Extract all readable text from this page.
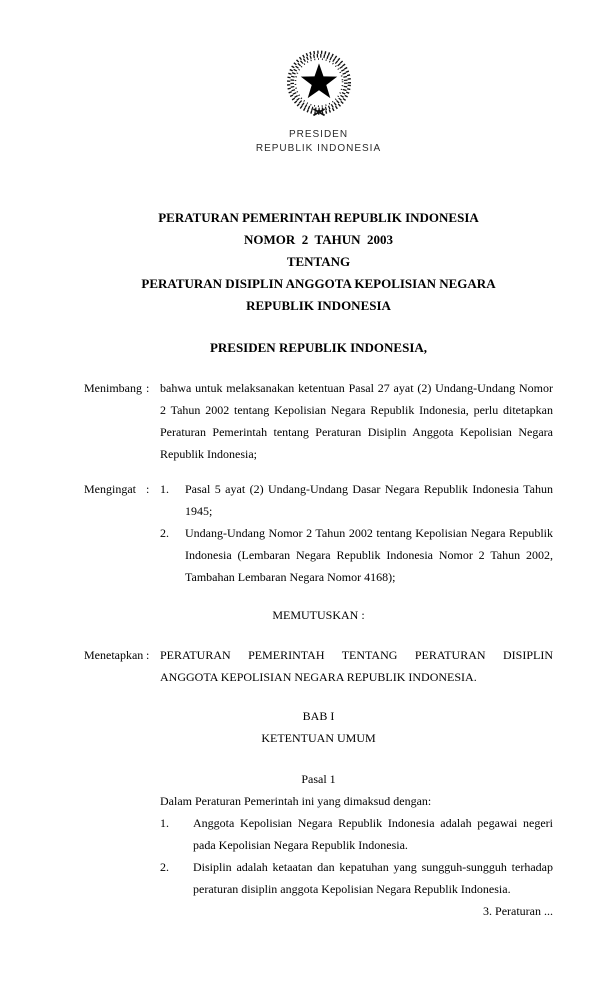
PRESIDEN
REPUBLIK INDONESIA
PERATURAN PEMERINTAH REPUBLIK INDONESIA
NOMOR  2  TAHUN  2003
TENTANG
PERATURAN DISIPLIN ANGGOTA KEPOLISIAN NEGARA
REPUBLIK INDONESIA
PRESIDEN REPUBLIK INDONESIA,
Menimbang : bahwa untuk melaksanakan ketentuan Pasal 27 ayat (2) Undang-Undang Nomor 2 Tahun 2002 tentang Kepolisian Negara Republik Indonesia, perlu ditetapkan Peraturan Pemerintah tentang Peraturan Disiplin Anggota Kepolisian Negara Republik Indonesia;
Mengingat : 1.	Pasal 5 ayat (2) Undang-Undang Dasar Negara Republik Indonesia Tahun 1945;
2.	Undang-Undang Nomor 2 Tahun 2002 tentang Kepolisian Negara Republik Indonesia (Lembaran Negara Republik Indonesia Nomor 2 Tahun 2002, Tambahan Lembaran Negara Nomor 4168);
MEMUTUSKAN :
Menetapkan : PERATURAN PEMERINTAH TENTANG PERATURAN DISIPLIN ANGGOTA KEPOLISIAN NEGARA REPUBLIK INDONESIA.
BAB I
KETENTUAN UMUM
Pasal 1
Dalam Peraturan Pemerintah ini yang dimaksud dengan:
1.	Anggota Kepolisian Negara Republik Indonesia adalah pegawai negeri pada Kepolisian Negara Republik Indonesia.
2.	Disiplin adalah ketaatan dan kepatuhan yang sungguh-sungguh terhadap peraturan disiplin anggota Kepolisian Negara Republik Indonesia.
3. Peraturan ...
